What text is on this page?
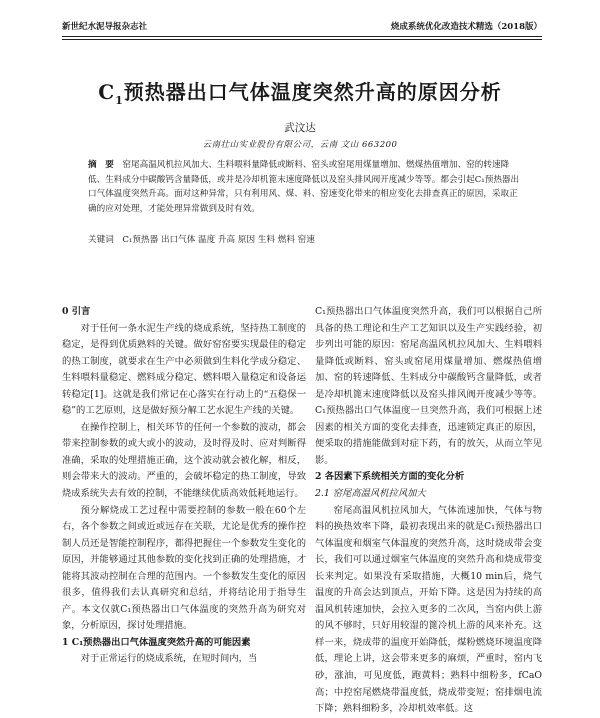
新世纪水泥导报杂志社	烧成系统优化改造技术精选（2018版）
$C_1$预热器出口气体温度突然升高的原因分析
武汶达
云南壮山实业股份有限公司，云南 文山 663200
摘　要　 窑尾高温风机拉风加大、生料喂料量降低或断料、窑头或窑尾用煤量增加、燃煤热值增加、窑的转速降低、生料成分中碳酸钙含量降低，或并是冷却机篦末速度降低以及窑头排风阀开度减少等等。都会引起C₁预热器出口气体温度突然升高。面对这种异常，只有利用风、煤、料、窑速变化带来的相应变化去排查真正的原因，采取正确的应对处理，才能处理异常做到及时有效。
关键词　 C₁预热器 出口气体 温度 升高 原因 生料 燃料 窑速

0 引言

对于任何一条水泥生产线的烧成系统，坚持热工制度的稳定，是得到优质熟料的关键。做好窑窑要实现最佳的稳定的热工制度，就要求在生产中必须做到生料化学成分稳定、生料喂料量稳定、燃料成分稳定、燃料喂入量稳定和设备运转稳定[1]。这就是我们常记在心落实在行动上的“五稳保一稳”的工艺原则，这是做好预分解工艺水泥生产线的关键。

在操作控制上，相关环节的任何一个参数的波动，都会带来控制参数的或大或小的波动，及时得及时、应对判断得准确，采取的处理措施正确，这个波动就会被化解，相反，则会带来大的波动。严重的，会破坏稳定的热工制度，导致烧成系统失去有效的控制，不能继续优质高效低耗地运行。

预分解烧成工艺过程中需要控制的参数一般在60个左右，各个参数之间或近或远存在关联，尤论是优秀的操作控制人员还是智能控制程序，都得把握住一个参数发生变化的原因，并能够通过其他参数的变化找到正确的处理措施，才能将其波动控制在合理的范围内。一个参数发生变化的原因很多，值得我们去认真研究和总结，并将结论用于指导生产。本文仅就C₁预热器出口气体温度的突然升高为研究对象，分析原因，探讨处理措施。

1 C₁预热器出口气体温度突然升高的可能因素

对于正常运行的烧成系统，在短时间内，当

C₁预热器出口气体温度突然升高，我们可以根据自己所具备的热工理论和生产工艺知识以及生产实践经验，初步列出可能的原因：窑尾高温风机拉风加大、生料喂料量降低或断料、窑头或窑尾用煤量增加、燃煤热值增加、窑的转速降低、生料成分中碳酸钙含量降低，或者是冷却机篦末速度降低以及窑头排风阀开度减少等等。C₁预热器出口气体温度一旦突然升高，我们可根据上述因素的相关方面的变化去排查，迅速锁定真正的原因，便采取的措施能做到对症下药，有的放矢，从而立竿见影。

2 各因素下系统相关方面的变化分析

2.1 窑尾高温风机拉风加大

窑尾高温风机拉风加大，气体流速加快，气体与物料的换热效率下降，最初表现出来的就是C₁预热器出口气体温度和烟室气体温度的突然升高，这时烧成带会变长，我们可以通过烟室气体温度的突然升高和烧成带变长来判定。如果没有采取措施，大概10 min后，烧气温度的升高会达到顶点，开始下降。这是因为持续的高温风机转速加快，会拉入更多的二次风，当窑内供上游的风不够时，只好用较湿的篦冷机上游的风来补充。这样一来，烧成带的温度开始降低，煤粉燃烧环境温度降低，理论上讲，这会带来更多的麻烦，严重时，窑内飞砂，涨油，可见度低，跑黄料；熟料中细粉多，fCaO高；中控窑尾燃烧带温度低，烧成带变短；窑排烟电流下降；熟料细粉多，冷却机效率低。这
